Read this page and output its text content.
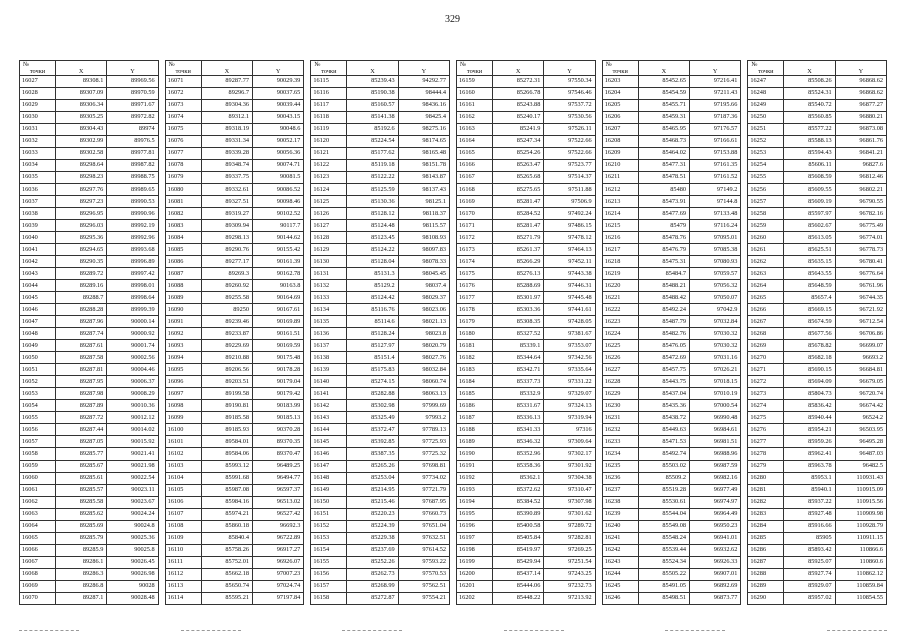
329
№		
точки	X	Y
16027	89308.1	89969.56
16028	89307.09	89970.59
16029	89306.34	89971.67
16030	89305.25	89972.82
16031	89304.43	89974
16032	89302.99	89976.5
16033	89302.58	89977.81
16034	89298.64	89987.82
16035	89298.23	89988.75
16036	89297.76	89989.65
16037	89297.23	89990.53
16038	89296.95	89990.96
16039	89296.03	89992.19
16040	89295.36	89992.96
16041	89294.65	89993.68
16042	89290.35	89996.89
16043	89289.72	89997.42
16044	89289.16	89998.01
16045	89288.7	89998.64
16046	89288.28	89999.39
16047	89287.96	90000.14
16048	89287.74	90000.92
16049	89287.61	90001.74
16050	89287.58	90002.56
16051	89287.81	90004.46
16052	89287.95	90006.37
16053	89287.98	90008.29
16054	89287.89	90010.36
16055	89287.72	90012.12
16056	89287.44	90014.02
16057	89287.05	90015.92
16058	89285.77	90021.41
16059	89285.67	90021.98
16060	89285.61	90022.54
16061	89285.57	90023.11
16062	89285.58	90023.67
16063	89285.62	90024.24
16064	89285.69	90024.8
16065	89285.79	90025.36
16066	89285.9	90025.8
16067	89286.1	90026.45
16068	89286.3	90026.98
16069	89286.8	90028
16070	89287.1	90028.48
№		
точки	X	Y
16071	89287.77	90029.39
16072	89296.7	90037.65
16073	89304.36	90039.44
16074	89312.1	90043.15
16075	89318.19	90048.6
16076	89331.34	90052.17
16077	89339.28	90056.36
16078	89348.74	90074.71
16079	89337.75	90081.5
16080	89332.61	90086.52
16081	89327.51	90098.46
16082	89319.27	90102.52
16083	89309.94	90117.7
16084	89298.13	90144.62
16085	89290.76	90155.42
16086	89277.17	90161.39
16087	89269.3	90162.78
16088	89260.92	90163.8
16089	89255.58	90164.69
16090	89250	90167.61
16091	89239.46	90169.89
16092	89233.87	90161.51
16093	89229.69	90169.59
16094	89210.88	90175.48
16095	89206.56	90178.28
16096	89203.51	90179.04
16097	89199.58	90179.42
16098	89190.81	90183.99
16099	89185.58	90185.13
16100	89185.93	90370.28
16101	89584.01	89370.35
16102	89584.06	89370.47
16103	85993.12	96489.25
16104	85991.68	96494.77
16105	85987.08	96597.37
16106	85984.16	96513.02
16107	85974.21	96527.42
16108	85860.18	96692.3
16109	85840.4	96722.89
16110	85758.26	96917.27
16111	85752.01	96926.07
16112	85662.18	97007.23
16113	85650.74	97024.74
16114	85595.21	97197.84
№		
точки	X	Y
16115	85239.43	94292.77
16116	85190.38	98444.4
16117	85160.57	98436.16
16118	85141.38	98425.4
16119	85192.6	98275.16
16120	85224.54	98174.65
16121	85177.62	98165.48
16122	85119.18	98151.78
16123	85122.22	98143.87
16124	85125.59	98137.43
16125	85130.36	98125.1
16126	85128.12	98118.37
16127	85124.48	98115.57
16128	85123.45	98108.93
16129	85124.22	98097.83
16130	85128.04	98078.33
16131	85131.3	98045.45
16132	85129.2	98037.4
16133	85124.42	98029.37
16134	85116.76	98023.06
16135	85114.6	98021.13
16136	85128.24	98023.8
16137	85127.97	98020.79
16138	85151.4	98027.76
16139	85175.83	98032.84
16140	85274.15	98060.74
16141	85282.88	98063.13
16142	85302.98	97999.69
16143	85325.49	97993.2
16144	85372.47	97789.13
16145	85392.85	97725.93
16146	85387.35	97725.32
16147	85265.26	97698.81
16148	85253.04	97734.02
16149	85214.95	97721.79
16150	85215.46	97687.95
16151	85220.23	97660.73
16152	85224.39	97651.04
16153	85229.38	97632.51
16154	85237.69	97614.52
16155	85252.26	97593.22
16156	85262.73	97570.53
16157	85268.99	97562.51
16158	85272.87	97554.21
№		
точки	X	Y
16159	85272.31	97550.34
16160	85266.78	97546.46
16161	85243.88	97537.72
16162	85240.17	97530.56
16163	85241.9	97526.11
16164	85247.34	97522.66
16165	85254.26	97522.66
16166	85263.47	97523.77
16167	85265.68	97514.37
16168	85275.65	97511.88
16169	85281.47	97506.9
16170	85284.52	97492.24
16171	85281.47	97486.15
16172	85271.79	97478.12
16173	85261.37	97464.13
16174	85266.29	97452.11
16175	85276.13	97443.38
16176	85288.69	97446.31
16177	85301.97	97445.48
16178	85303.36	97441.61
16179	85308.35	97428.05
16180	85327.52	97381.67
16181	85339.1	97353.07
16182	85344.64	97342.56
16183	85342.71	97335.64
16184	85337.73	97331.22
16185	85332.9	97329.07
16186	85331.67	97324.13
16187	85336.13	97319.94
16188	85341.33	97316
16189	85346.32	97309.64
16190	85352.96	97302.17
16191	85358.36	97301.92
16192	85362.1	97304.38
16193	85372.62	97310.47
16194	85384.52	97307.98
16195	85390.89	97301.62
16196	85400.58	97289.72
16197	85405.84	97282.81
16198	85419.97	97269.25
16199	85429.94	97251.54
16200	85437.14	97243.25
16201	85444.06	97232.73
16202	85448.22	97213.92
№		
точки	X	Y
16203	85452.65	97216.41
16204	85454.59	97211.43
16205	85455.71	97195.66
16206	85459.31	97187.36
16207	85465.95	97176.57
16208	85468.73	97166.61
16209	85464.02	97153.88
16210	85477.31	97161.35
16211	85478.51	97161.52
16212	85480	97149.2
16213	85473.91	97144.8
16214	85477.69	97133.48
16215	85479	97116.24
16216	85478.76	97095.01
16217	85476.79	97085.38
16218	85475.31	97080.93
16219	85484.7	97059.57
16220	85488.21	97056.32
16221	85488.42	97050.07
16222	85492.24	97042.9
16223	85487.79	97032.84
16224	85482.76	97030.32
16225	85476.05	97030.32
16226	85472.69	97031.16
16227	85457.75	97026.21
16228	85443.75	97018.15
16229	85437.04	97010.19
16230	85435.36	97000.54
16231	85438.72	96990.48
16232	85449.63	96984.61
16233	85471.53	96981.51
16234	85492.74	96988.96
16235	85503.02	96987.59
16236	85509.2	96982.16
16237	85519.28	96977.49
16238	85530.61	96974.97
16239	85544.04	96964.49
16240	85549.08	96950.23
16241	85548.24	96941.01
16242	85539.44	96932.62
16243	85524.34	96926.33
16244	85505.22	96907.01
16245	85491.05	96892.69
16246	85498.51	96873.77
№		
точки	X	Y
16247	85508.26	96868.62
16248	85524.31	96868.62
16249	85540.72	96877.27
16250	85560.85	96880.21
16251	85577.22	96873.08
16252	85588.13	96861.76
16253	85594.43	96841.21
16254	85606.11	96827.6
16255	85608.59	96812.46
16256	85609.55	96802.21
16257	85609.19	96790.55
16258	85597.97	96782.16
16259	85602.67	96775.49
16260	85613.05	96774.01
16261	85625.51	96778.73
16262	85635.15	96780.41
16263	85643.55	96776.64
16264	85648.59	96761.96
16265	85657.4	96744.35
16266	85669.15	96721.92
16267	85674.59	96712.54
16268	85677.56	96706.86
16269	85678.82	96699.07
16270	85682.18	96693.2
16271	85690.15	96684.81
16272	85694.09	96679.05
16273	85804.73	96720.74
16274	85836.42	96674.42
16275	85940.44	96524.2
16276	85954.21	96503.95
16277	85959.26	96495.28
16278	85962.41	96487.03
16279	85963.78	96482.5
16280	85953.1	110931.43
16281	85940.1	110915.09
16282	85937.22	110915.56
16283	85927.48	110909.98
16284	85916.66	110928.79
16285	85905	110911.15
16286	85893.42	110866.6
16287	85925.07	110860.6
16288	85927.74	110862.12
16289	85929.07	110859.84
16290	85957.02	110854.55
